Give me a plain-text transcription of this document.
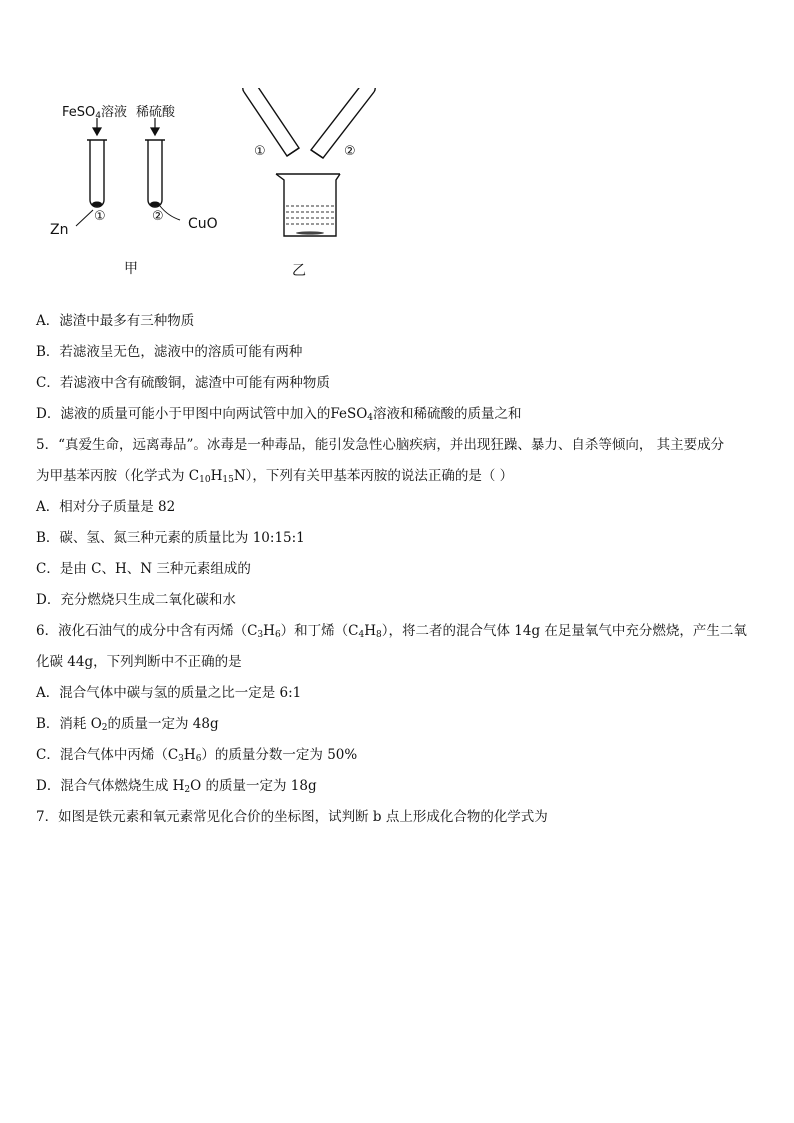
FeSO$_4$溶液 稀硫酸
Zn	CuO
①	②
①	②
甲	乙
A．滤渣中最多有三种物质
B．若滤液呈无色，滤液中的溶质可能有两种
C．若滤液中含有硫酸铜，滤渣中可能有两种物质
D．滤液的质量可能小于甲图中向两试管中加入的FeSO$_4$溶液和稀硫酸的质量之和
5．“真爱生命，远离毒品”。冰毒是一种毒品，能引发急性心脑疾病，并出现狂躁、暴力、自杀等倾向， 其主要成分
为甲基苯丙胺（化学式为 $C_{10}H_{15}N$），下列有关甲基苯丙胺的说法正确的是（ ）
A．相对分子质量是 82
B．碳、氢、氮三种元素的质量比为 10:15:1
C．是由 C、H、N 三种元素组成的
D．充分燃烧只生成二氧化碳和水
6．液化石油气的成分中含有丙烯$(C_3H_6)$和丁烯$(C_4H_8)$，将二者的混合气体 14g 在足量氧气中充分燃烧，产生二氧
化碳 44g，下列判断中不正确的是
A．混合气体中碳与氢的质量之比一定是 6:1
B．消耗 $O_2$的质量一定为 48g
C．混合气体中丙烯$(C_3H_6)$的质量分数一定为 50%
D．混合气体燃烧生成 $H_2O$ 的质量一定为 18g
7．如图是铁元素和氧元素常见化合价的坐标图，试判断 b 点上形成化合物的化学式为
